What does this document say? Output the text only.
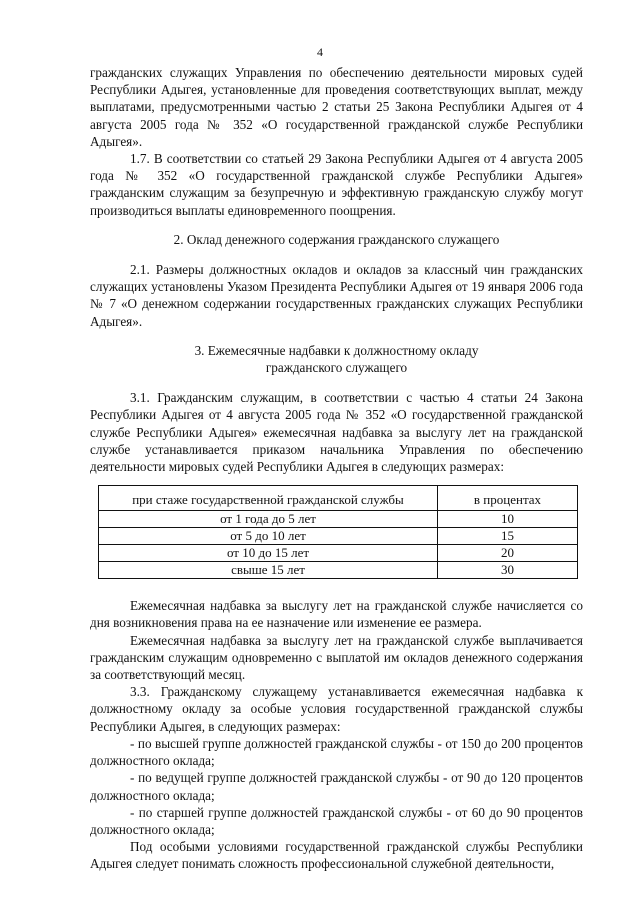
4

гражданских служащих Управления по обеспечению деятельности мировых судей Республики Адыгея, установленные для проведения соответствующих выплат, между выплатами, предусмотренными частью 2 статьи 25 Закона Республики Адыгея от 4 августа 2005 года № 352 «О государственной гражданской службе Республики Адыгея».

1.7. В соответствии со статьей 29 Закона Республики Адыгея от 4 августа 2005 года № 352 «О государственной гражданской службе Республики Адыгея» гражданским служащим за безупречную и эффективную гражданскую службу могут производиться выплаты единовременного поощрения.

2. Оклад денежного содержания гражданского служащего

2.1. Размеры должностных окладов и окладов за классный чин гражданских служащих установлены Указом Президента Республики Адыгея от 19 января 2006 года № 7 «О денежном содержании государственных гражданских служащих Республики Адыгея».

3. Ежемесячные надбавки к должностному окладу
гражданского служащего

3.1. Гражданским служащим, в соответствии с частью 4 статьи 24 Закона Республики Адыгея от 4 августа 2005 года № 352 «О государственной гражданской службе Республики Адыгея» ежемесячная надбавка за выслугу лет на гражданской службе устанавливается приказом начальника Управления по обеспечению деятельности мировых судей Республики Адыгея в следующих размерах:

при стаже государственной гражданской службы	в процентах
от 1 года до 5 лет	10
от 5 до 10 лет	15
от 10 до 15 лет	20
свыше 15 лет	30

Ежемесячная надбавка за выслугу лет на гражданской службе начисляется со дня возникновения права на ее назначение или изменение ее размера.

Ежемесячная надбавка за выслугу лет на гражданской службе выплачивается гражданским служащим одновременно с выплатой им окладов денежного содержания за соответствующий месяц.

3.3. Гражданскому служащему устанавливается ежемесячная надбавка к должностному окладу за особые условия государственной гражданской службы Республики Адыгея, в следующих размерах:

- по высшей группе должностей гражданской службы - от 150 до 200 процентов должностного оклада;

- по ведущей группе должностей гражданской службы - от 90 до 120 процентов должностного оклада;

- по старшей группе должностей гражданской службы - от 60 до 90 процентов должностного оклада;

Под особыми условиями государственной гражданской службы Республики Адыгея следует понимать сложность профессиональной служебной деятельности,
